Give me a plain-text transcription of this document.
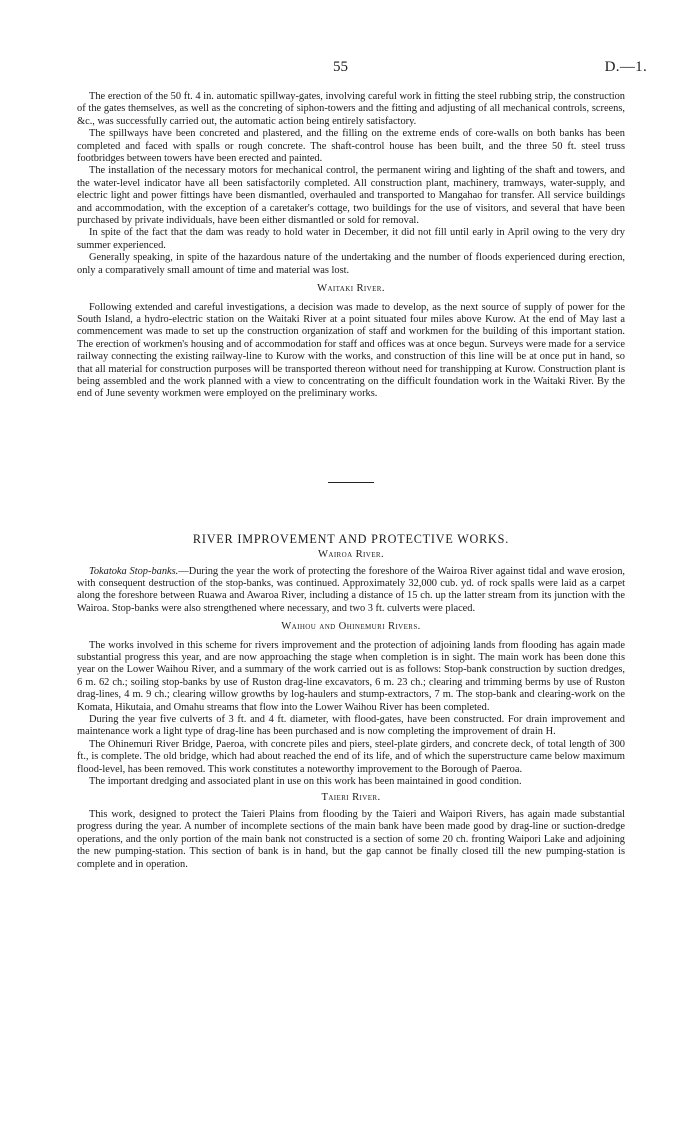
55	D.—1.

The erection of the 50 ft. 4 in. automatic spillway-gates, involving careful work in fitting the steel rubbing strip, the construction of the gates themselves, as well as the concreting of siphon-towers and the fitting and adjusting of all mechanical controls, screens, &c., was successfully carried out, the automatic action being entirely satisfactory.

The spillways have been concreted and plastered, and the filling on the extreme ends of core-walls on both banks has been completed and faced with spalls or rough concrete. The shaft-control house has been built, and the three 50 ft. steel truss footbridges between towers have been erected and painted.

The installation of the necessary motors for mechanical control, the permanent wiring and lighting of the shaft and towers, and the water-level indicator have all been satisfactorily completed. All construction plant, machinery, tramways, water-supply, and electric light and power fittings have been dismantled, overhauled and transported to Mangahao for transfer. All service buildings and accommodation, with the exception of a caretaker's cottage, two buildings for the use of visitors, and several that have been purchased by private individuals, have been either dismantled or sold for removal.

In spite of the fact that the dam was ready to hold water in December, it did not fill until early in April owing to the very dry summer experienced.

Generally speaking, in spite of the hazardous nature of the undertaking and the number of floods experienced during erection, only a comparatively small amount of time and material was lost.

Waitaki River.

Following extended and careful investigations, a decision was made to develop, as the next source of supply of power for the South Island, a hydro-electric station on the Waitaki River at a point situated four miles above Kurow. At the end of May last a commencement was made to set up the construction organization of staff and workmen for the building of this important station. The erection of workmen's housing and of accommodation for staff and offices was at once begun. Surveys were made for a service railway connecting the existing railway-line to Kurow with the works, and construction of this line will be at once put in hand, so that all material for construction purposes will be transported thereon without need for transhipping at Kurow. Construction plant is being assembled and the work planned with a view to concentrating on the difficult foundation work in the Waitaki River. By the end of June seventy workmen were employed on the preliminary works.

RIVER IMPROVEMENT AND PROTECTIVE WORKS.
Wairoa River.

Tokatoka Stop-banks.—During the year the work of protecting the foreshore of the Wairoa River against tidal and wave erosion, with consequent destruction of the stop-banks, was continued. Approximately 32,000 cub. yd. of rock spalls were laid as a carpet along the foreshore between Ruawa and Awaroa River, including a distance of 15 ch. up the latter stream from its junction with the Wairoa. Stop-banks were also strengthened where necessary, and two 3 ft. culverts were placed.

Waihou and Ohinemuri Rivers.

The works involved in this scheme for rivers improvement and the protection of adjoining lands from flooding has again made substantial progress this year, and are now approaching the stage when completion is in sight. The main work has been done this year on the Lower Waihou River, and a summary of the work carried out is as follows: Stop-bank construction by suction dredges, 6 m. 62 ch.; soiling stop-banks by use of Ruston drag-line excavators, 6 m. 23 ch.; clearing and trimming berms by use of Ruston drag-lines, 4 m. 9 ch.; clearing willow growths by log-haulers and stump-extractors, 7 m. The stop-bank and clearing-work on the Komata, Hikutaia, and Omahu streams that flow into the Lower Waihou River has been completed.

During the year five culverts of 3 ft. and 4 ft. diameter, with flood-gates, have been constructed. For drain improvement and maintenance work a light type of drag-line has been purchased and is now completing the improvement of drain H.

The Ohinemuri River Bridge, Paeroa, with concrete piles and piers, steel-plate girders, and concrete deck, of total length of 300 ft., is complete. The old bridge, which had about reached the end of its life, and of which the superstructure came below maximum flood-level, has been removed. This work constitutes a noteworthy improvement to the Borough of Paeroa.

The important dredging and associated plant in use on this work has been maintained in good condition.

Taieri River.

This work, designed to protect the Taieri Plains from flooding by the Taieri and Waipori Rivers, has again made substantial progress during the year. A number of incomplete sections of the main bank have been made good by drag-line or suction-dredge operations, and the only portion of the main bank not constructed is a section of some 20 ch. fronting Waipori Lake and adjoining the new pumping-station. This section of bank is in hand, but the gap cannot be finally closed till the new pumping-station is complete and in operation.
